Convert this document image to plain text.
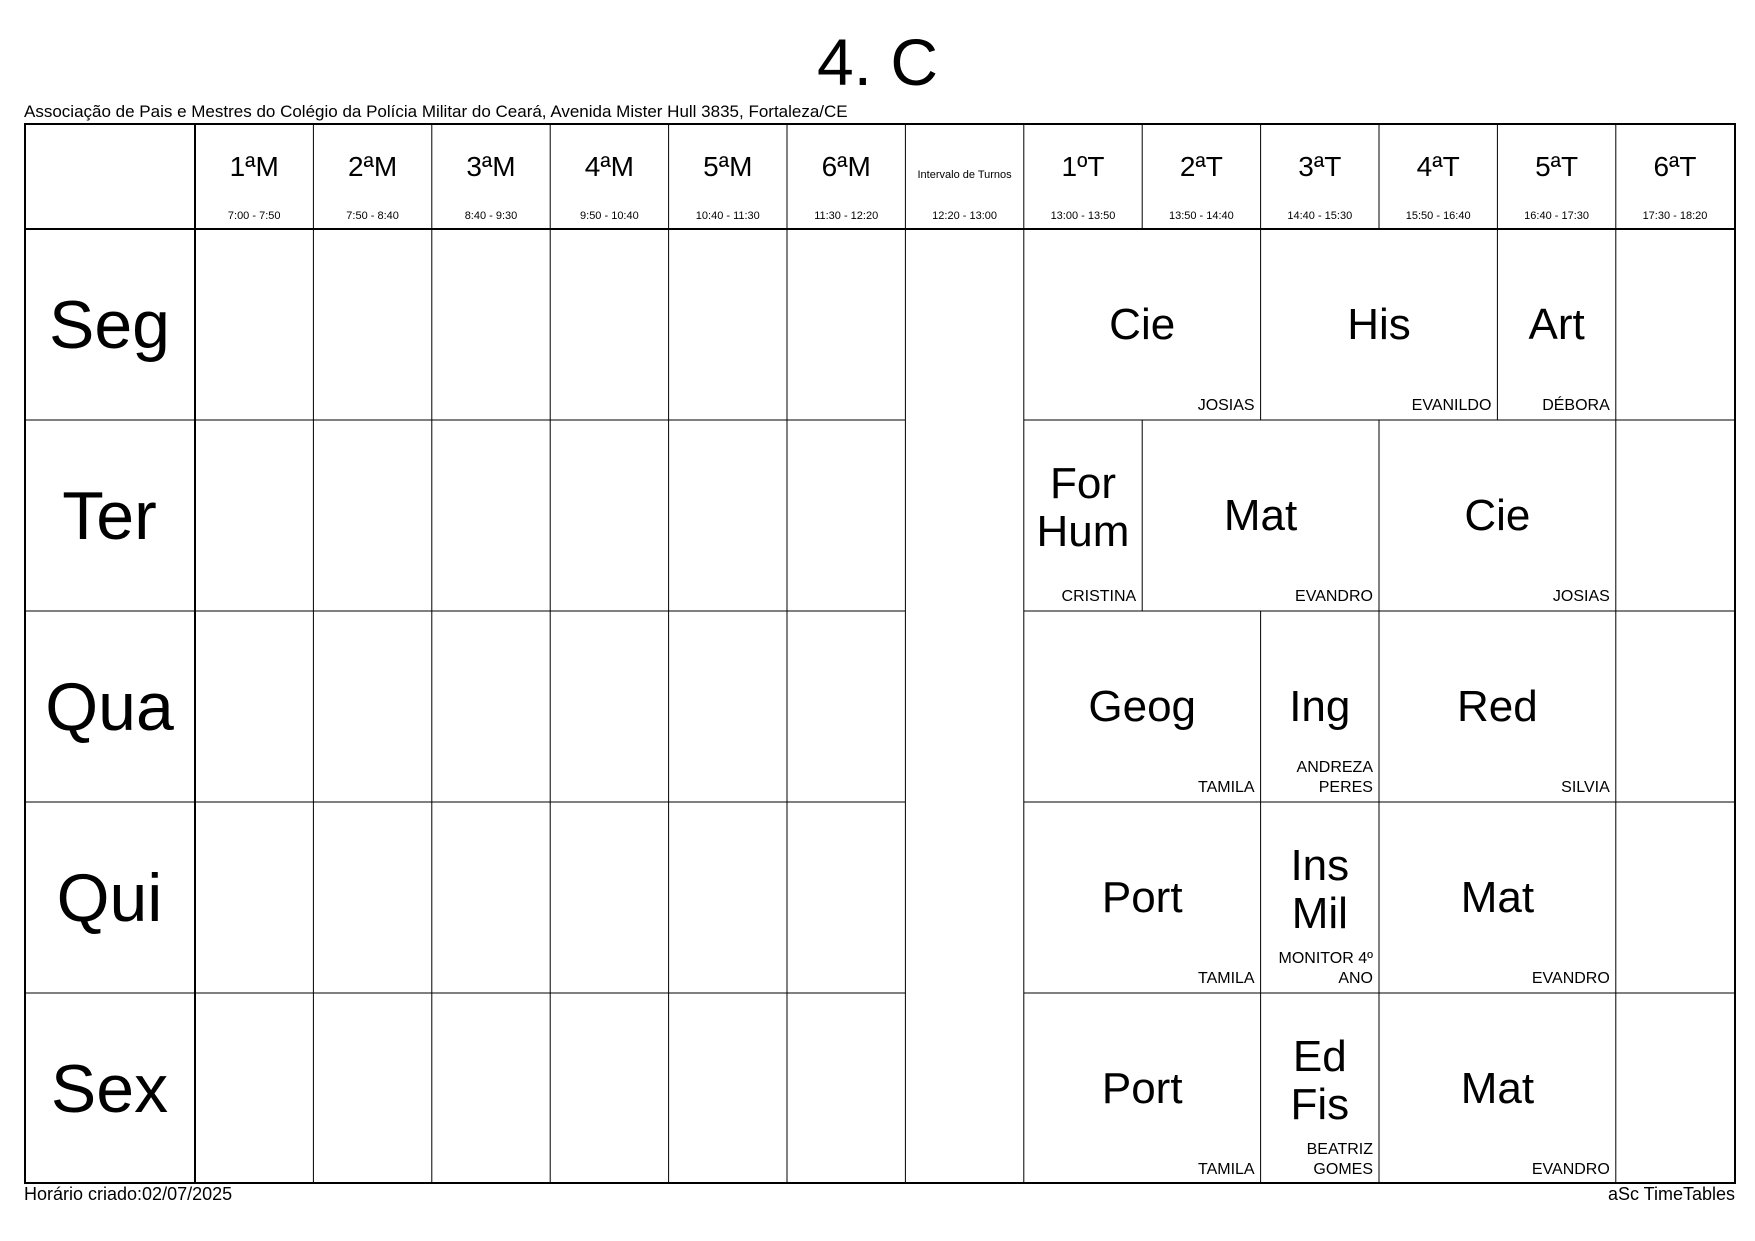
4. C
Associação de Pais e Mestres do Colégio da Polícia Militar do Ceará, Avenida Mister Hull 3835, Fortaleza/CE
1ªM
7:00 - 7:50
2ªM
7:50 - 8:40
3ªM
8:40 - 9:30
4ªM
9:50 - 10:40
5ªM
10:40 - 11:30
6ªM
11:30 - 12:20
Intervalo de Turnos
12:20 - 13:00
1ºT
13:00 - 13:50
2ªT
13:50 - 14:40
3ªT
14:40 - 15:30
4ªT
15:50 - 16:40
5ªT
16:40 - 17:30
6ªT
17:30 - 18:20
Seg
Ter
Qua
Qui
Sex
Cie
JOSIAS
His
EVANILDO
Art
DÉBORA
For
Hum
CRISTINA
Mat
EVANDRO
Cie
JOSIAS
Geog
TAMILA
Ing
ANDREZA
PERES
Red
SILVIA
Port
TAMILA
Ins
Mil
MONITOR 4º
ANO
Mat
EVANDRO
Port
TAMILA
Ed
Fis
BEATRIZ
GOMES
Mat
EVANDRO
Horário criado:02/07/2025	aSc TimeTables
